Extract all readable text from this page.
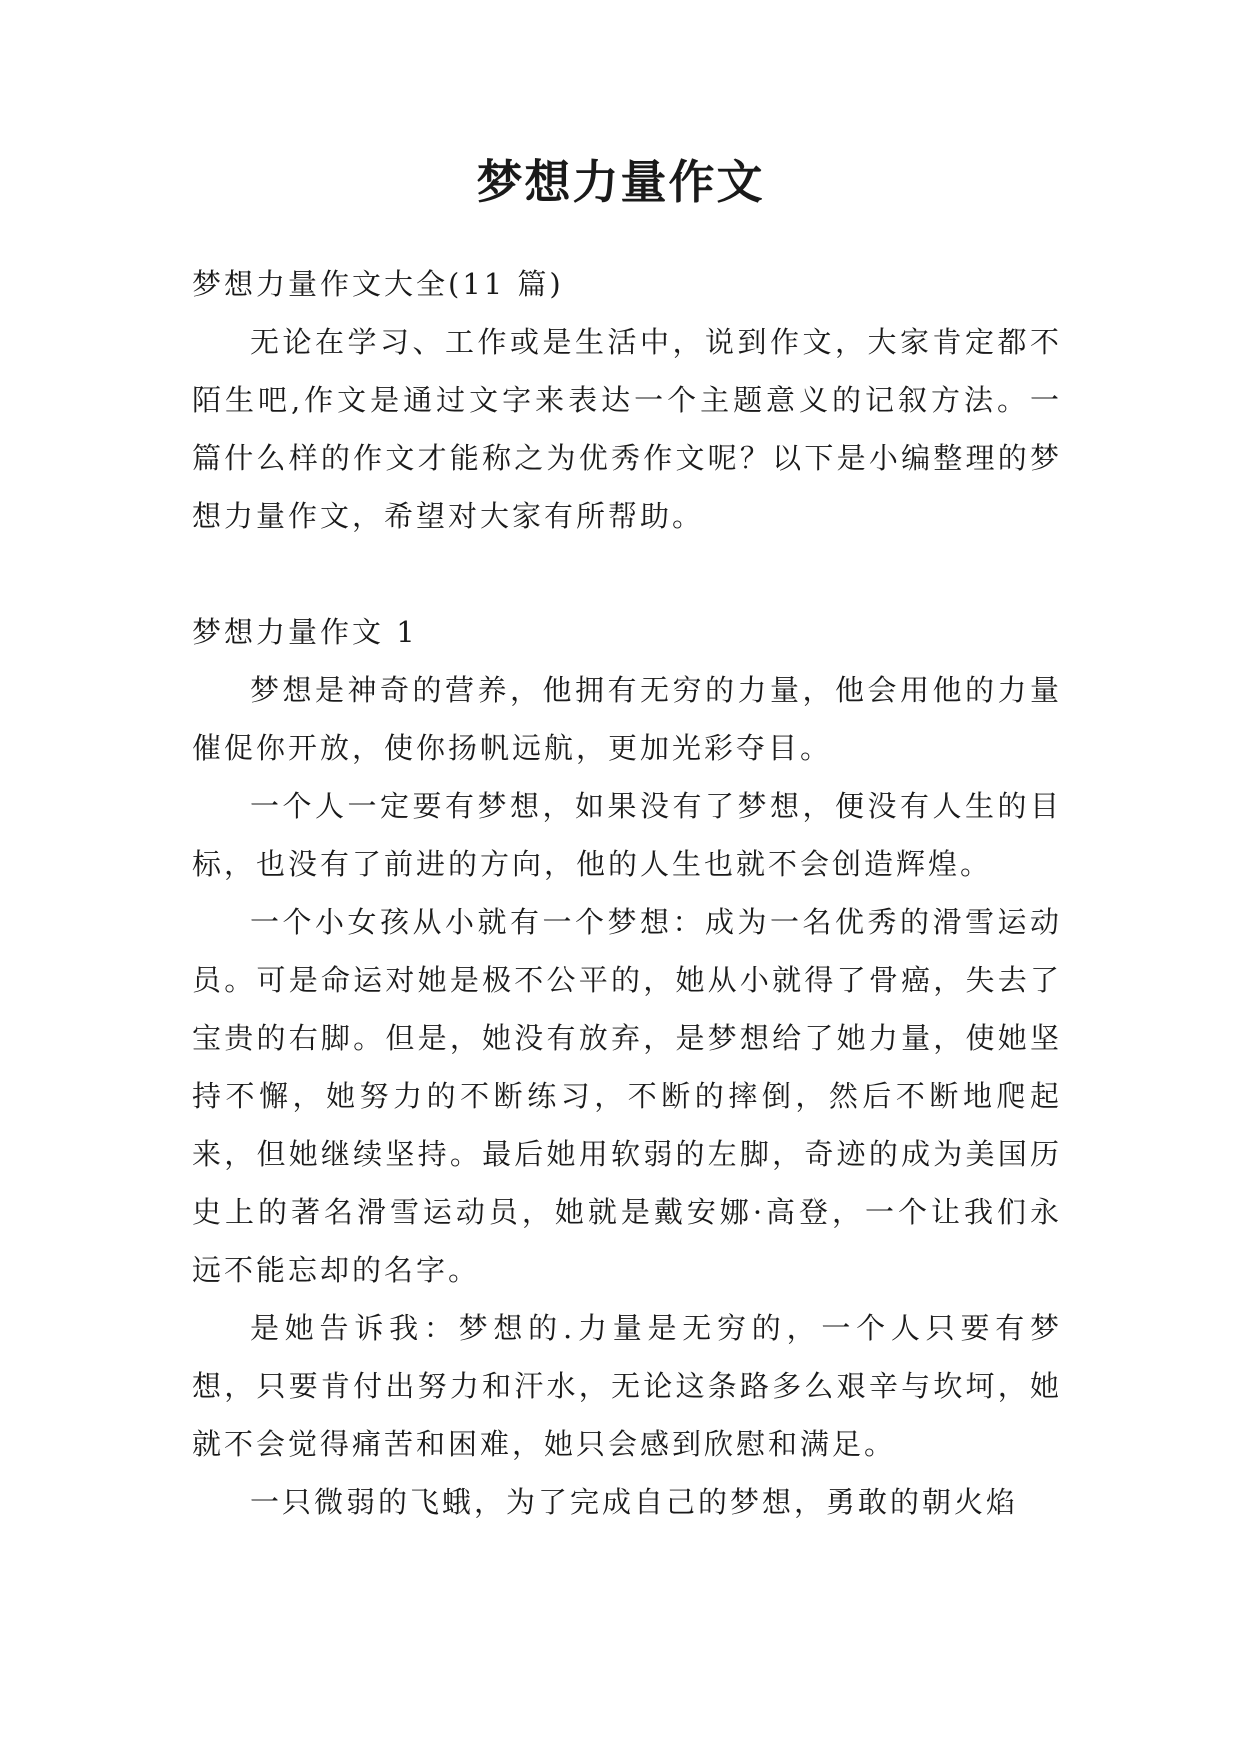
梦想力量作文

梦想力量作文大全(11 篇)

无论在学习、工作或是生活中，说到作文，大家肯定都不陌生吧,作文是通过文字来表达一个主题意义的记叙方法。一篇什么样的作文才能称之为优秀作文呢？以下是小编整理的梦想力量作文，希望对大家有所帮助。

梦想力量作文 1

梦想是神奇的营养，他拥有无穷的力量，他会用他的力量催促你开放，使你扬帆远航，更加光彩夺目。

一个人一定要有梦想，如果没有了梦想，便没有人生的目标，也没有了前进的方向，他的人生也就不会创造辉煌。

一个小女孩从小就有一个梦想：成为一名优秀的滑雪运动员。可是命运对她是极不公平的，她从小就得了骨癌，失去了宝贵的右脚。但是，她没有放弃，是梦想给了她力量，使她坚持不懈，她努力的不断练习，不断的摔倒，然后不断地爬起来，但她继续坚持。最后她用软弱的左脚，奇迹的成为美国历史上的著名滑雪运动员，她就是戴安娜·高登，一个让我们永远不能忘却的名字。

是她告诉我：梦想的.力量是无穷的，一个人只要有梦想，只要肯付出努力和汗水，无论这条路多么艰辛与坎坷，她就不会觉得痛苦和困难，她只会感到欣慰和满足。

一只微弱的飞蛾，为了完成自己的梦想，勇敢的朝火焰
